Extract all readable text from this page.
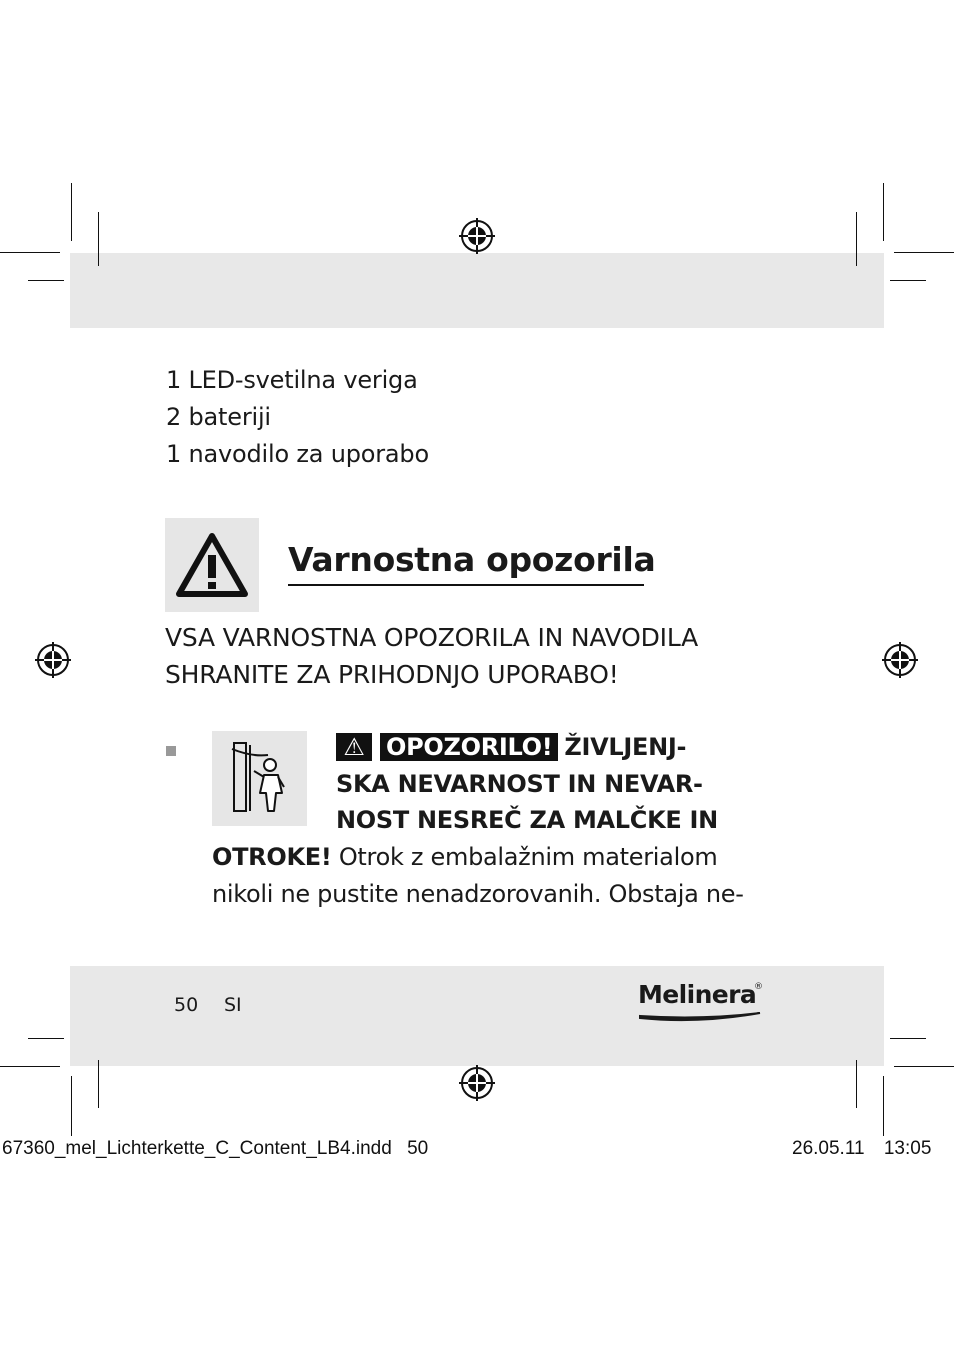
1 LED-svetilna veriga
2 bateriji
1 navodilo za uporabo
Varnostna opozorila
VSA VARNOSTNA OPOZORILA IN NAVODILA
SHRANITE ZA PRIHODNJO UPORABO!
⚠ OPOZORILO! ŽIVLJENJ-
SKA NEVARNOST IN NEVAR-
NOST NESREČ ZA MALČKE IN
OTROKE! Otrok z embalažnim materialom
nikoli ne pustite nenadzorovanih. Obstaja ne-
50 SI	Melinera
®
67360_mel_Lichterkette_C_Content_LB4.indd 50	26.05.11 13:05
